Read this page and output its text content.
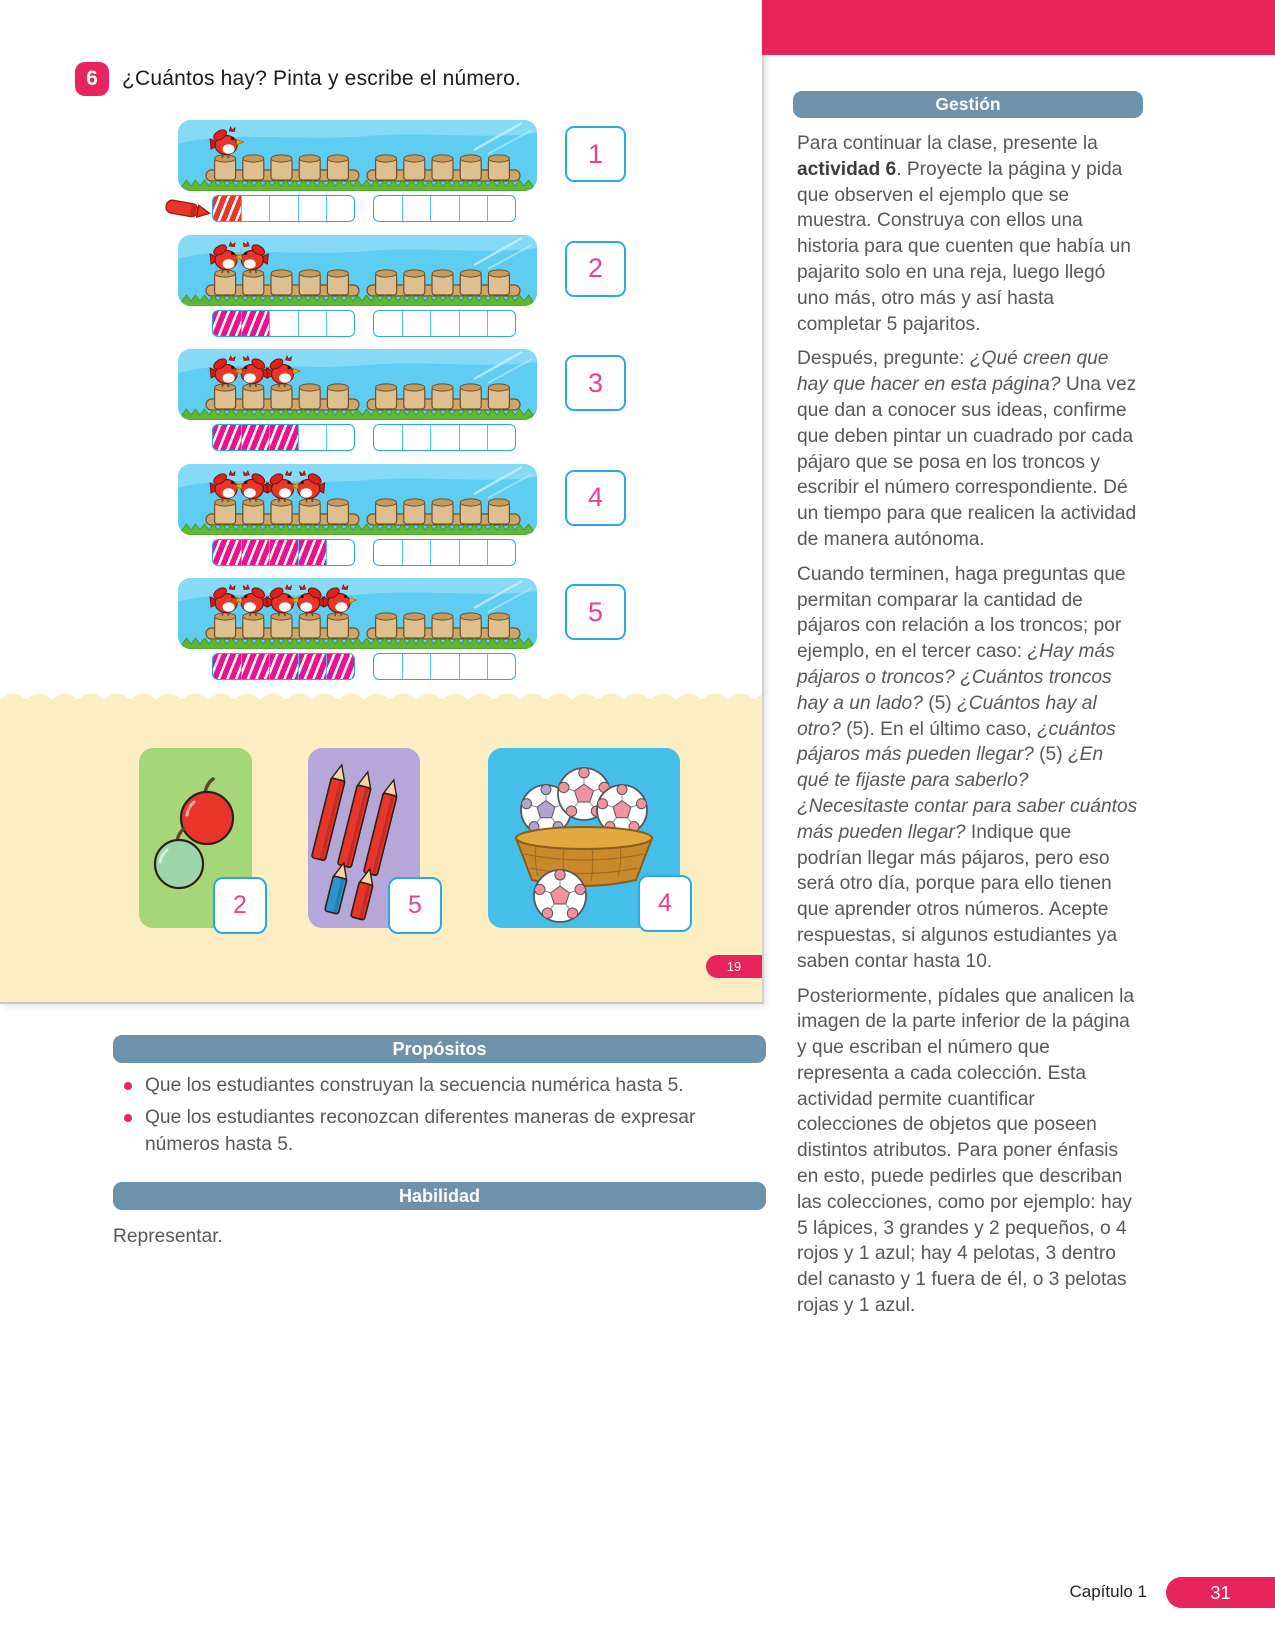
6	¿Cuántos hay? Pinta y escribe el número.
1
2
3
4
5
2	5	4
19
Gestión

Para continuar la clase, presente la actividad 6. Proyecte la página y pida que observen el ejemplo que se muestra. Construya con ellos una historia para que cuenten que había un pajarito solo en una reja, luego llegó uno más, otro más y así hasta completar 5 pajaritos.

Después, pregunte: ¿Qué creen que hay que hacer en esta página? Una vez que dan a conocer sus ideas, confirme que deben pintar un cuadrado por cada pájaro que se posa en los troncos y escribir el número correspondiente. Dé un tiempo para que realicen la actividad de manera autónoma.

Cuando terminen, haga preguntas que permitan comparar la cantidad de pájaros con relación a los troncos; por ejemplo, en el tercer caso: ¿Hay más pájaros o troncos? ¿Cuántos troncos hay a un lado? (5) ¿Cuántos hay al otro? (5). En el último caso, ¿cuántos pájaros más pueden llegar? (5) ¿En qué te fijaste para saberlo? ¿Necesitaste contar para saber cuántos más pueden llegar? Indique que podrían llegar más pájaros, pero eso será otro día, porque para ello tienen que aprender otros números. Acepte respuestas, si algunos estudiantes ya saben contar hasta 10.

Posteriormente, pídales que analicen la imagen de la parte inferior de la página y que escriban el número que representa a cada colección. Esta actividad permite cuantificar colecciones de objetos que poseen distintos atributos. Para poner énfasis en esto, puede pedirles que describan las colecciones, como por ejemplo: hay 5 lápices, 3 grandes y 2 pequeños, o 4 rojos y 1 azul; hay 4 pelotas, 3 dentro del canasto y 1 fuera de él, o 3 pelotas rojas y 1 azul.

Propósitos
Que los estudiantes construyan la secuencia numérica hasta 5.
Que los estudiantes reconozcan diferentes maneras de expresar números hasta 5.
Habilidad
Representar.
Capítulo 1	31
